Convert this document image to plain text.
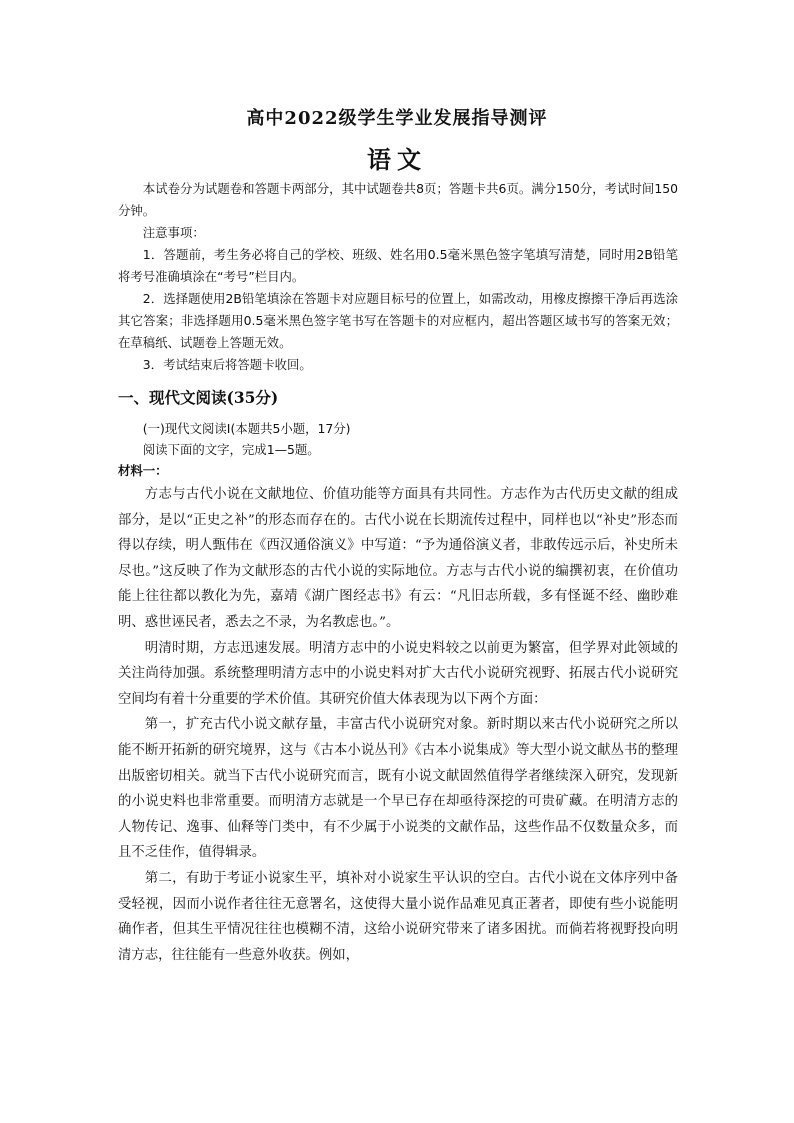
高中2022级学生学业发展指导测评
语文

本试卷分为试题卷和答题卡两部分，其中试题卷共8页；答题卡共6页。满分150分，考试时间150分钟。

注意事项：

1．答题前，考生务必将自己的学校、班级、姓名用0.5毫米黑色签字笔填写清楚，同时用2B铅笔将考号准确填涂在“考号”栏目内。

2．选择题使用2B铅笔填涂在答题卡对应题目标号的位置上，如需改动，用橡皮擦擦干净后再选涂其它答案；非选择题用0.5毫米黑色签字笔书写在答题卡的对应框内，超出答题区域书写的答案无效；在草稿纸、试题卷上答题无效。

3．考试结束后将答题卡收回。

一、现代文阅读(35分)

(一)现代文阅读Ⅰ(本题共5小题，17分)

阅读下面的文字，完成1—5题。

材料一：

方志与古代小说在文献地位、价值功能等方面具有共同性。方志作为古代历史文献的组成部分，是以“正史之补”的形态而存在的。古代小说在长期流传过程中，同样也以“补史”形态而得以存续，明人甄伟在《西汉通俗演义》中写道：“予为通俗演义者，非敢传远示后，补史所未尽也。”这反映了作为文献形态的古代小说的实际地位。方志与古代小说的编撰初衷，在价值功能上往往都以教化为先，嘉靖《湖广图经志书》有云：“凡旧志所载，多有怪诞不经、幽眇难明、惑世诬民者，悉去之不录，为名教虑也。”。

明清时期，方志迅速发展。明清方志中的小说史料较之以前更为繁富，但学界对此领域的关注尚待加强。系统整理明清方志中的小说史料对扩大古代小说研究视野、拓展古代小说研究空间均有着十分重要的学术价值。其研究价值大体表现为以下两个方面：

第一，扩充古代小说文献存量，丰富古代小说研究对象。新时期以来古代小说研究之所以能不断开拓新的研究境界，这与《古本小说丛刊》《古本小说集成》等大型小说文献丛书的整理出版密切相关。就当下古代小说研究而言，既有小说文献固然值得学者继续深入研究，发现新的小说史料也非常重要。而明清方志就是一个早已存在却亟待深挖的可贵矿藏。在明清方志的人物传记、逸事、仙释等门类中，有不少属于小说类的文献作品，这些作品不仅数量众多，而且不乏佳作，值得辑录。

第二，有助于考证小说家生平，填补对小说家生平认识的空白。古代小说在文体序列中备受轻视，因而小说作者往往无意署名，这使得大量小说作品难见真正著者，即使有些小说能明确作者，但其生平情况往往也模糊不清，这给小说研究带来了诸多困扰。而倘若将视野投向明清方志，往往能有一些意外收获。例如，
